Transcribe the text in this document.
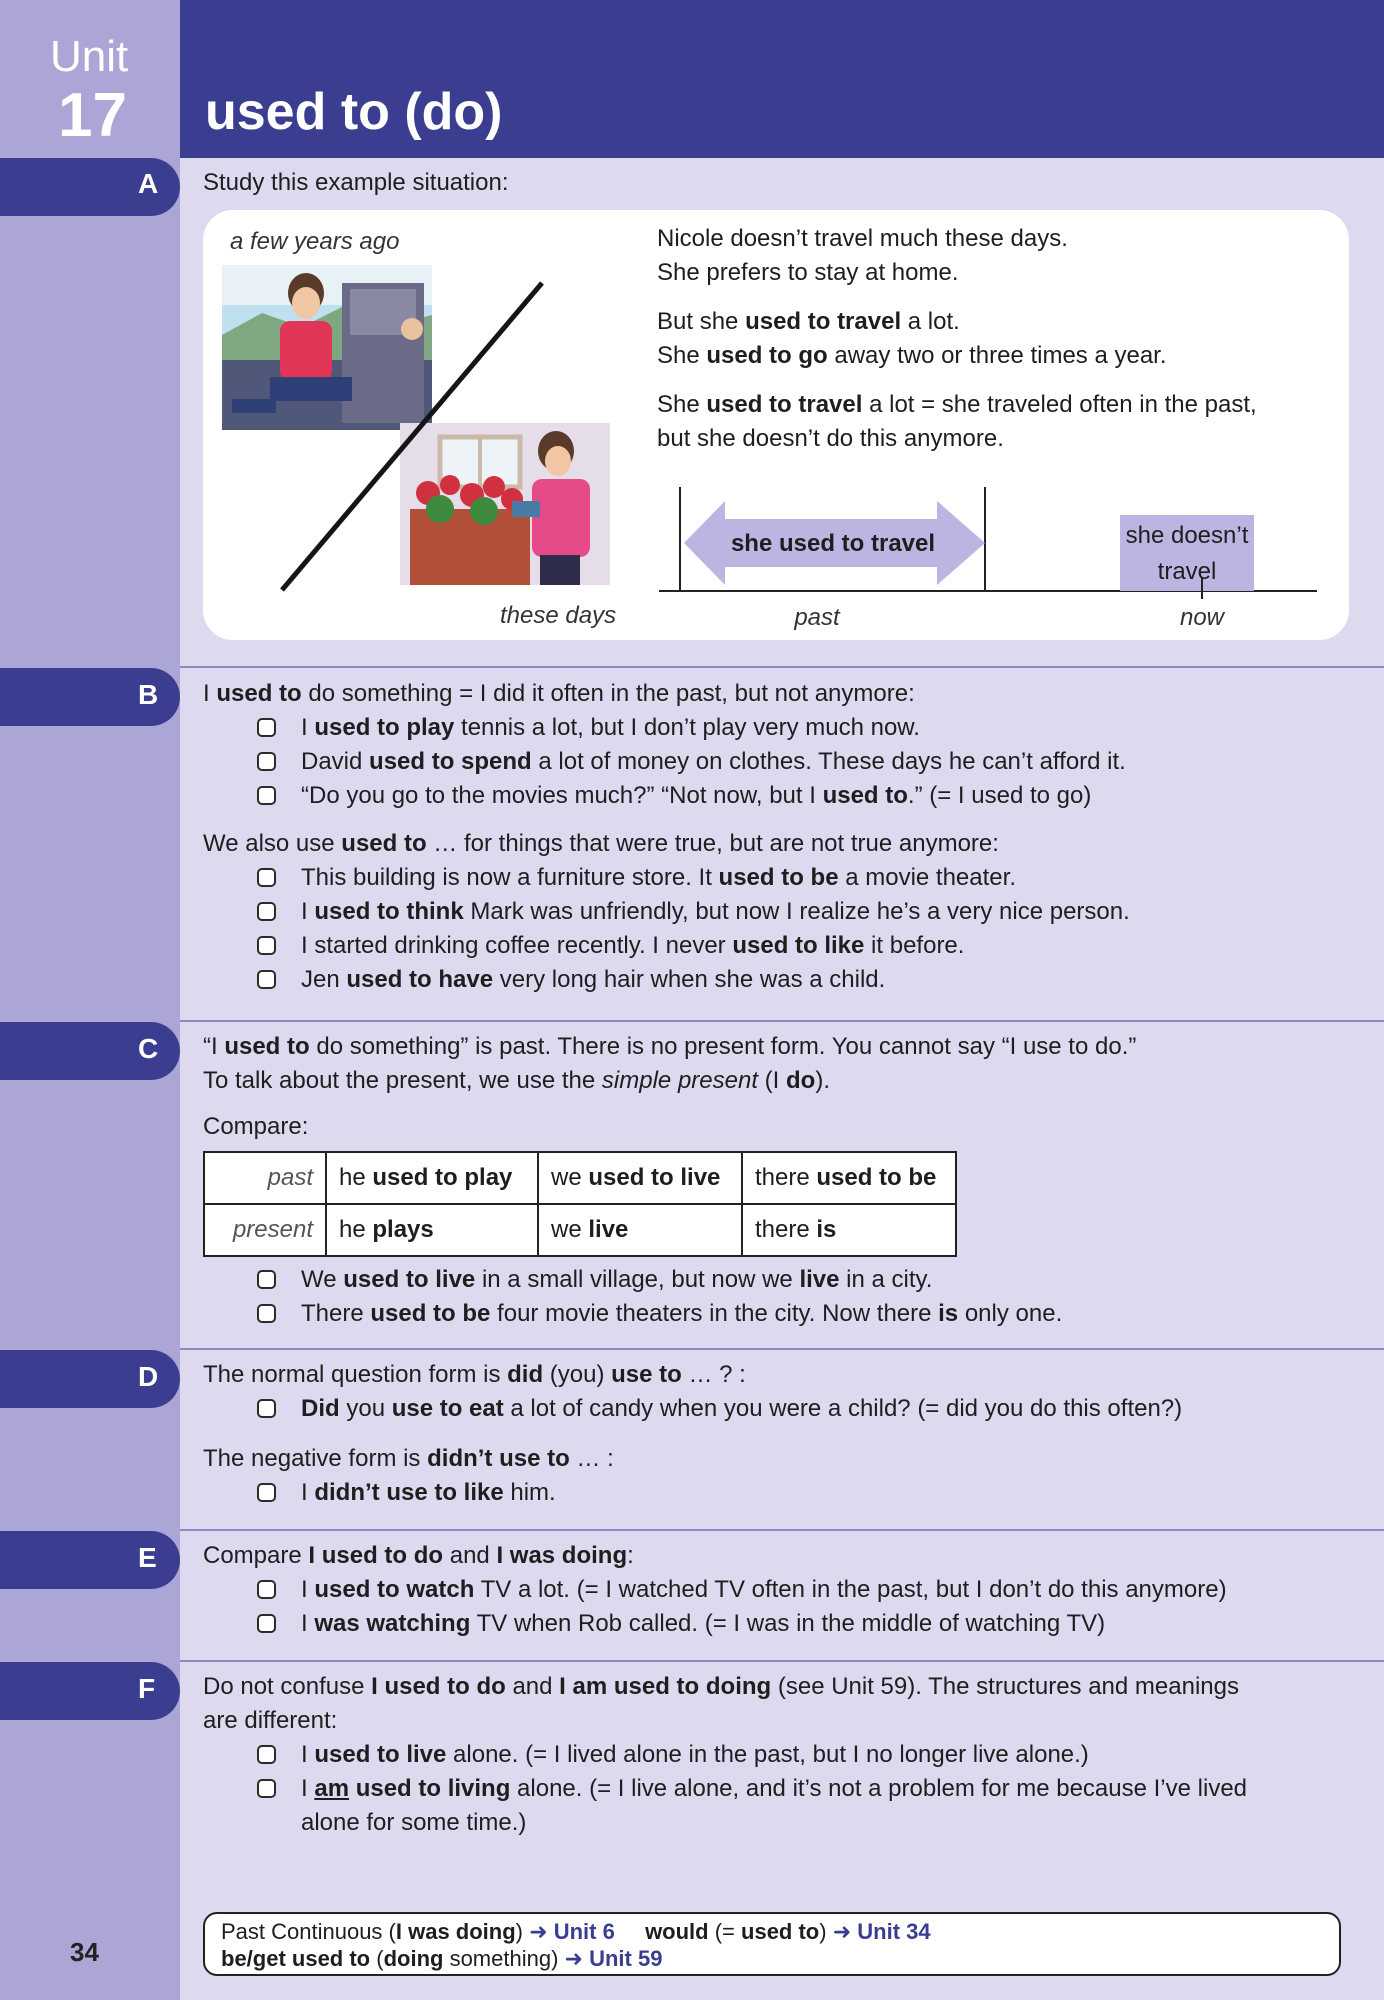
Unit
17 used to (do)
A
B
C
D
E
F
Study this example situation:
a few years ago
these days
Nicole doesn’t travel much these days.
She prefers to stay at home.
But she used to travel a lot.
She used to go away two or three times a year.
She used to travel a lot = she traveled often in the past,
but she doesn’t do this anymore.
she used to travel	she doesn’t
travel
past	now
I used to do something = I did it often in the past, but not anymore:
I used to play tennis a lot, but I don’t play very much now.
David used to spend a lot of money on clothes. These days he can’t afford it.
“Do you go to the movies much?” “Not now, but I used to.” (= I used to go)
We also use used to … for things that were true, but are not true anymore:
This building is now a furniture store. It used to be a movie theater.
I used to think Mark was unfriendly, but now I realize he’s a very nice person.
I started drinking coffee recently. I never used to like it before.
Jen used to have very long hair when she was a child.
“I used to do something” is past. There is no present form. You cannot say “I use to do.”
To talk about the present, we use the simple present (I do).
Compare:
past	he used to play	we used to live	there used to be
present	he plays	we live	there is
We used to live in a small village, but now we live in a city.
There used to be four movie theaters in the city. Now there is only one.
The normal question form is did (you) use to … ? :
Did you use to eat a lot of candy when you were a child? (= did you do this often?)
The negative form is didn’t use to … :
I didn’t use to like him.
Compare I used to do and I was doing:
I used to watch TV a lot. (= I watched TV often in the past, but I don’t do this anymore)
I was watching TV when Rob called. (= I was in the middle of watching TV)
Do not confuse I used to do and I am used to doing (see Unit 59). The structures and meanings
are different:
I used to live alone. (= I lived alone in the past, but I no longer live alone.)
I am used to living alone. (= I live alone, and it’s not a problem for me because I’ve lived alone for some time.)
Past Continuous (I was doing) ➜ Unit 6 would (= used to) ➜ Unit 34
be/get used to (doing something) ➜ Unit 59
34
